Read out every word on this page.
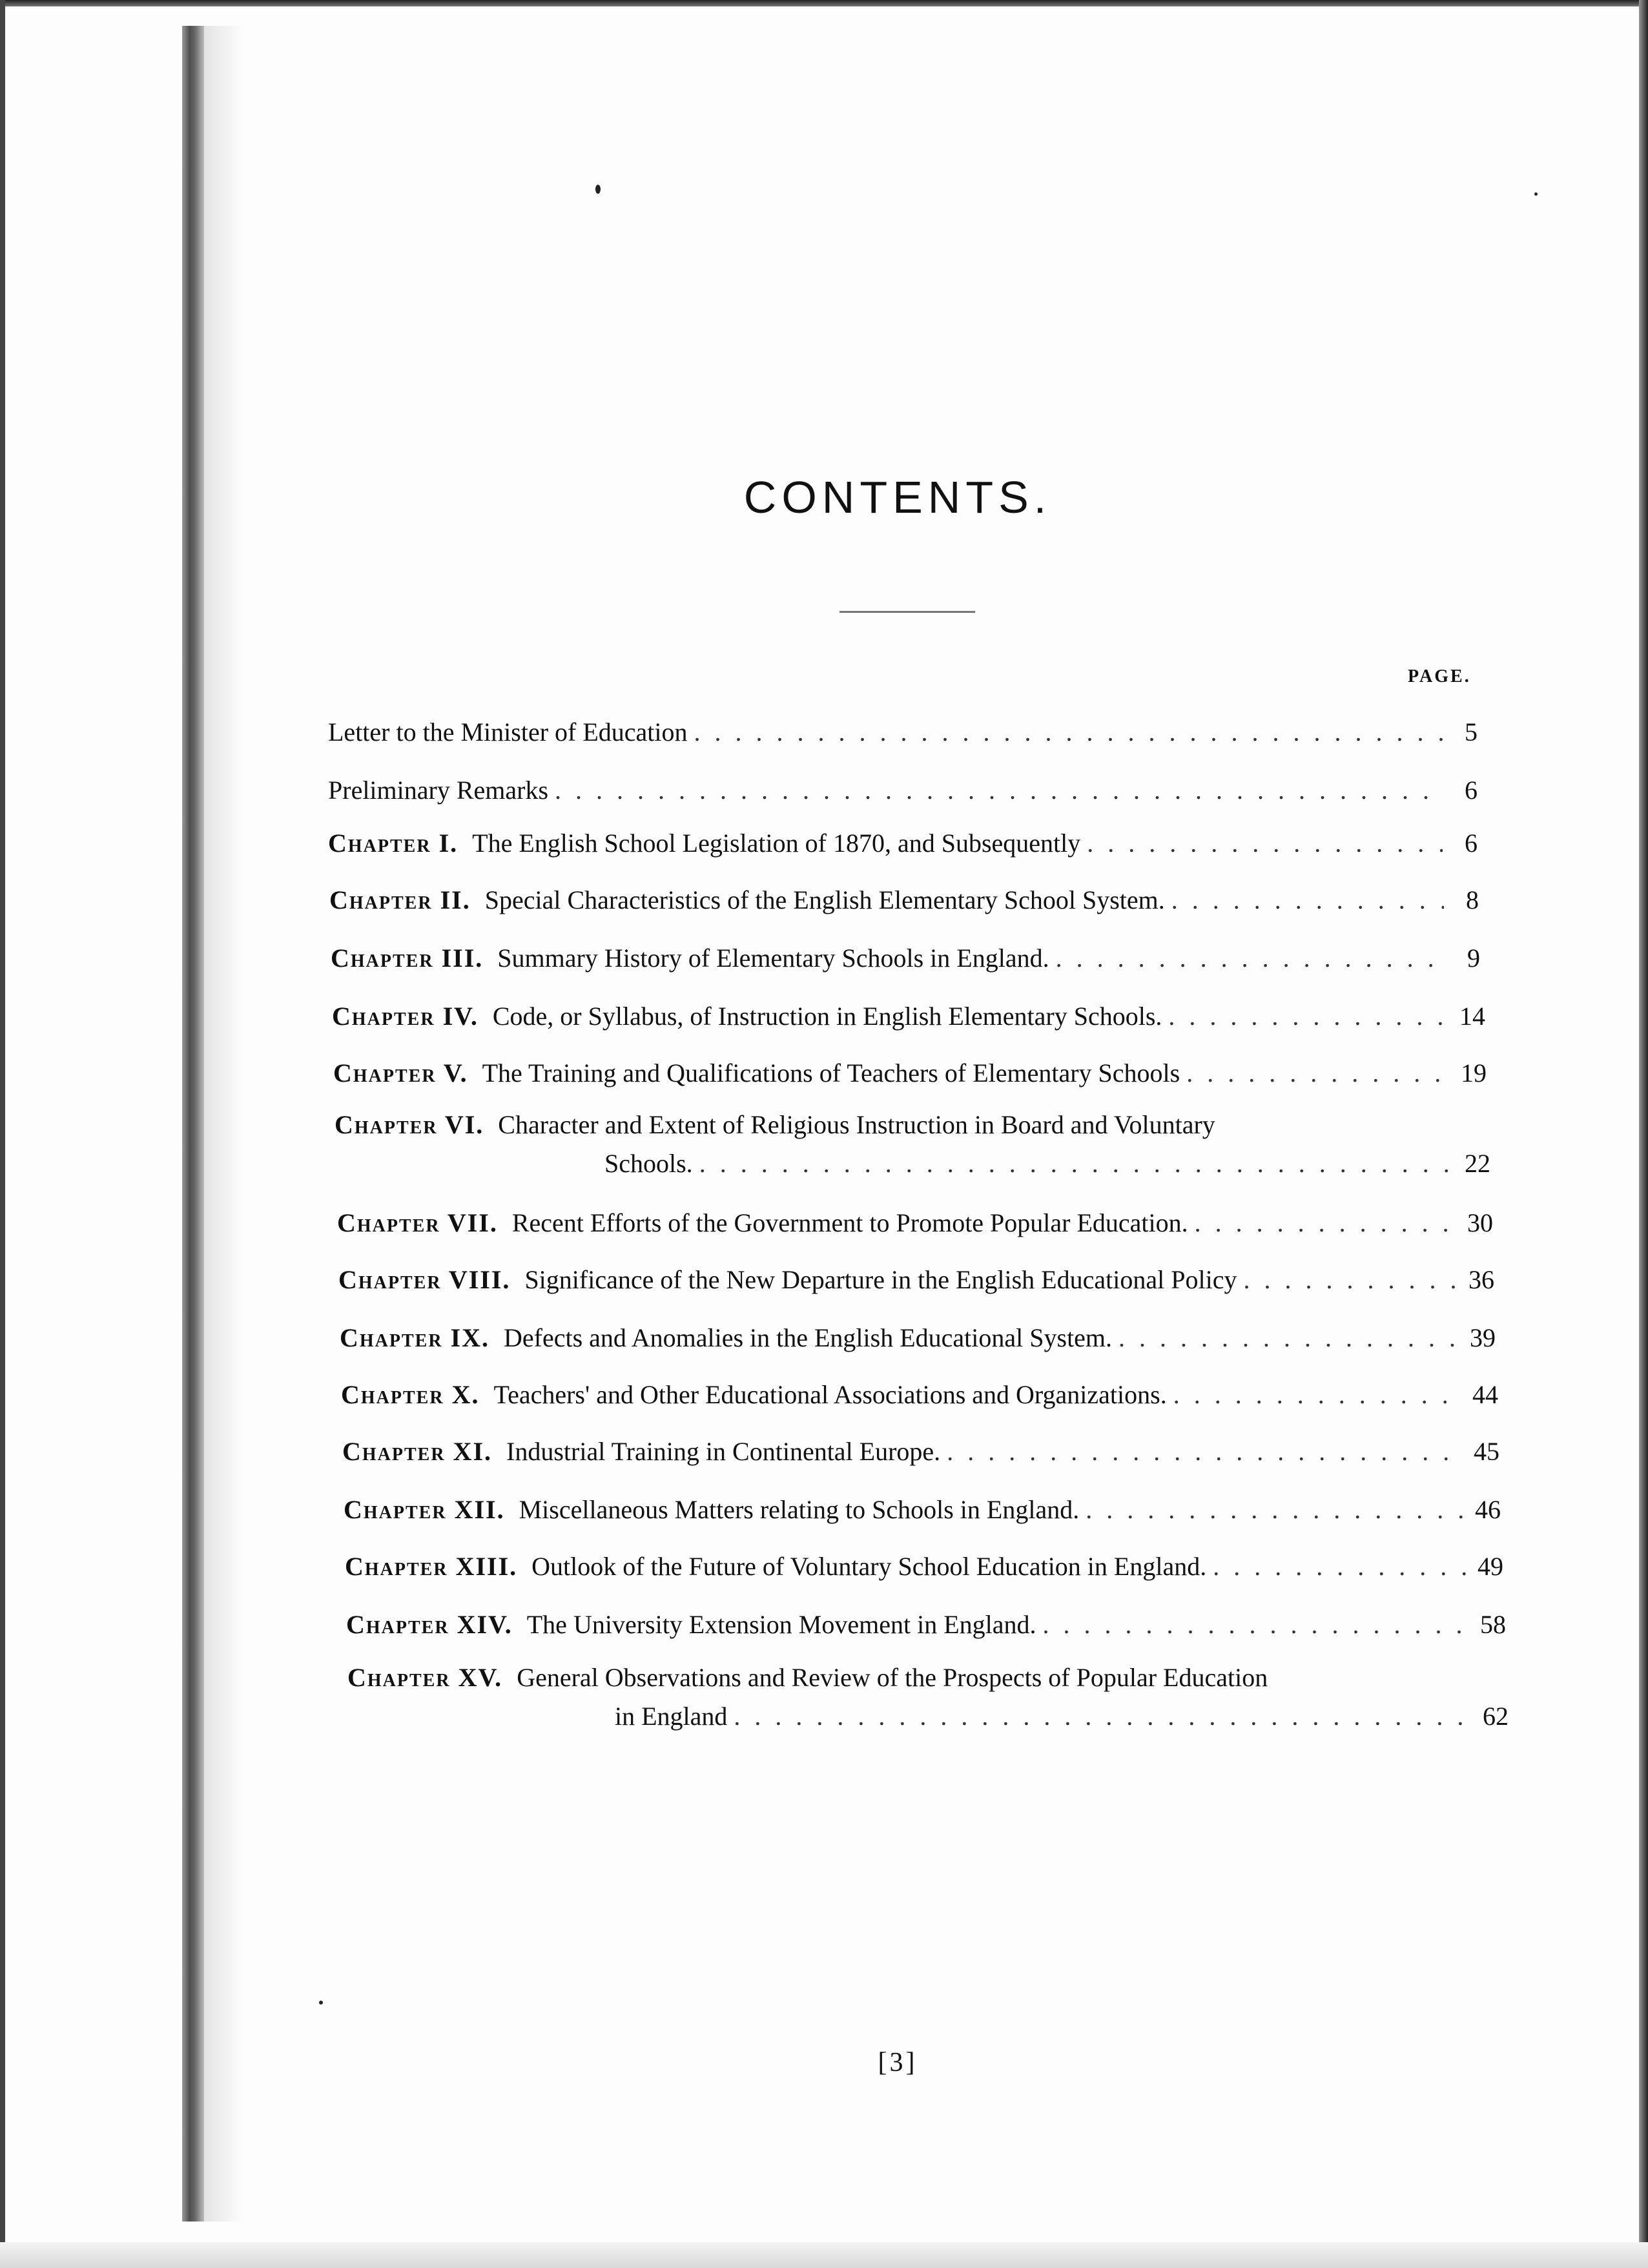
CONTENTS.
PAGE.
Letter to the Minister of Education . . .	5
Preliminary Remarks . . .	6
Chapter I. The English School Legislation of 1870, and Subsequently . . .	6
Chapter II. Special Characteristics of the English Elementary School System. . . .	8
Chapter III. Summary History of Elementary Schools in England. . . .	9
Chapter IV. Code, or Syllabus, of Instruction in English Elementary Schools. . . .	14
Chapter V. The Training and Qualifications of Teachers of Elementary Schools . . .	19
Chapter VI. Character and Extent of Religious Instruction in Board and Voluntary
Schools. . . .	22
Chapter VII. Recent Efforts of the Government to Promote Popular Education. . . .	30
Chapter VIII. Significance of the New Departure in the English Educational Policy . . .	36
Chapter IX. Defects and Anomalies in the English Educational System. . . .	39
Chapter X. Teachers' and Other Educational Associations and Organizations. . . .	44
Chapter XI. Industrial Training in Continental Europe. . . .	45
Chapter XII. Miscellaneous Matters relating to Schools in England. . . .	46
Chapter XIII. Outlook of the Future of Voluntary School Education in England. . . .	49
Chapter XIV. The University Extension Movement in England. . . .	58
Chapter XV. General Observations and Review of the Prospects of Popular Education
in England . . .	62
[3]
